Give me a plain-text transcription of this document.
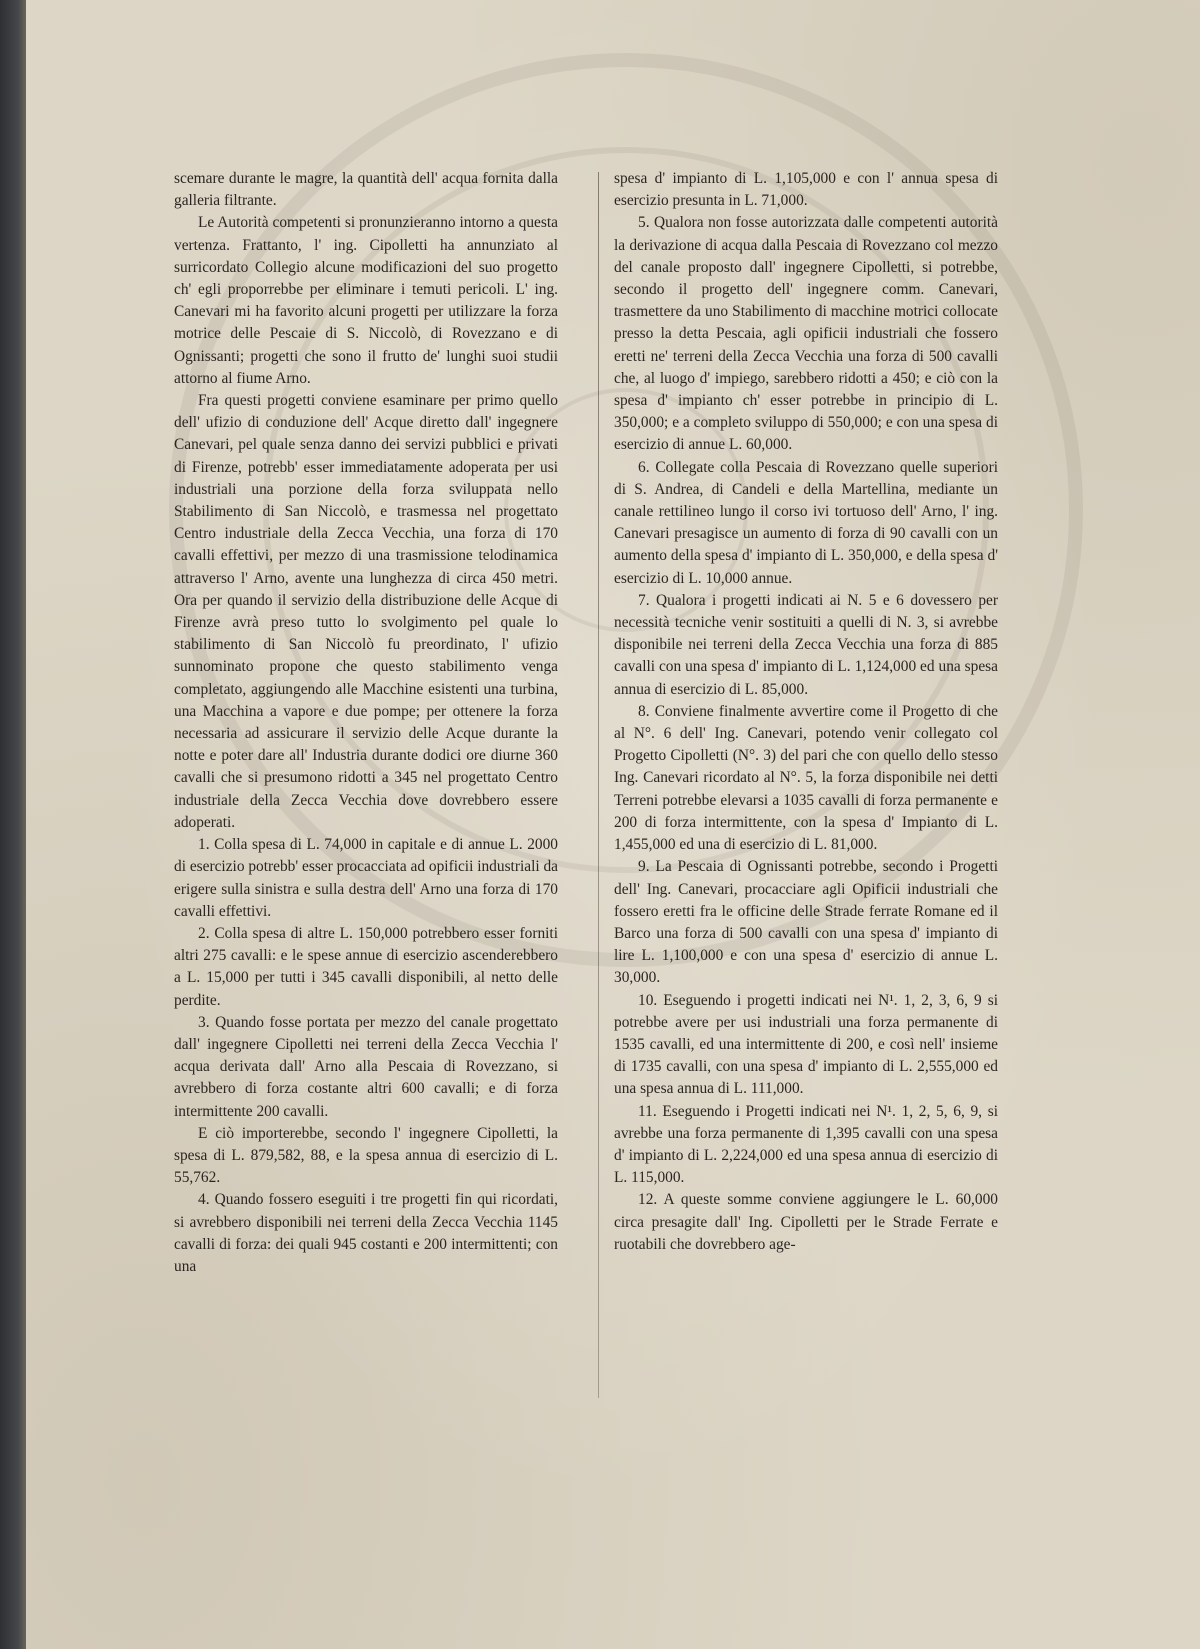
scemare durante le magre, la quantità dell' acqua fornita dalla galleria filtrante.

Le Autorità competenti si pronunzieranno intorno a questa vertenza. Frattanto, l' ing. Cipolletti ha annunziato al surricordato Collegio alcune modificazioni del suo progetto ch' egli proporrebbe per eliminare i temuti pericoli. L' ing. Canevari mi ha favorito alcuni progetti per utilizzare la forza motrice delle Pescaie di S. Niccolò, di Rovezzano e di Ognissanti; progetti che sono il frutto de' lunghi suoi studii attorno al fiume Arno.

Fra questi progetti conviene esaminare per primo quello dell' ufizio di conduzione dell' Acque diretto dall' ingegnere Canevari, pel quale senza danno dei servizi pubblici e privati di Firenze, potrebb' esser immediatamente adoperata per usi industriali una porzione della forza sviluppata nello Stabilimento di San Niccolò, e trasmessa nel progettato Centro industriale della Zecca Vecchia, una forza di 170 cavalli effettivi, per mezzo di una trasmissione telodinamica attraverso l' Arno, avente una lunghezza di circa 450 metri. Ora per quando il servizio della distribuzione delle Acque di Firenze avrà preso tutto lo svolgimento pel quale lo stabilimento di San Niccolò fu preordinato, l' ufizio sunnominato propone che questo stabilimento venga completato, aggiungendo alle Macchine esistenti una turbina, una Macchina a vapore e due pompe; per ottenere la forza necessaria ad assicurare il servizio delle Acque durante la notte e poter dare all' Industria durante dodici ore diurne 360 cavalli che si presumono ridotti a 345 nel progettato Centro industriale della Zecca Vecchia dove dovrebbero essere adoperati.

1. Colla spesa di L. 74,000 in capitale e di annue L. 2000 di esercizio potrebb' esser procacciata ad opificii industriali da erigere sulla sinistra e sulla destra dell' Arno una forza di 170 cavalli effettivi.

2. Colla spesa di altre L. 150,000 potrebbero esser forniti altri 275 cavalli: e le spese annue di esercizio ascenderebbero a L. 15,000 per tutti i 345 cavalli disponibili, al netto delle perdite.

3. Quando fosse portata per mezzo del canale progettato dall' ingegnere Cipolletti nei terreni della Zecca Vecchia l' acqua derivata dall' Arno alla Pescaia di Rovezzano, si avrebbero di forza costante altri 600 cavalli; e di forza intermittente 200 cavalli.

E ciò importerebbe, secondo l' ingegnere Cipolletti, la spesa di L. 879,582, 88, e la spesa annua di esercizio di L. 55,762.

4. Quando fossero eseguiti i tre progetti fin qui ricordati, si avrebbero disponibili nei terreni della Zecca Vecchia 1145 cavalli di forza: dei quali 945 costanti e 200 intermittenti; con una

spesa d' impianto di L. 1,105,000 e con l' annua spesa di esercizio presunta in L. 71,000.

5. Qualora non fosse autorizzata dalle competenti autorità la derivazione di acqua dalla Pescaia di Rovezzano col mezzo del canale proposto dall' ingegnere Cipolletti, si potrebbe, secondo il progetto dell' ingegnere comm. Canevari, trasmettere da uno Stabilimento di macchine motrici collocate presso la detta Pescaia, agli opificii industriali che fossero eretti ne' terreni della Zecca Vecchia una forza di 500 cavalli che, al luogo d' impiego, sarebbero ridotti a 450; e ciò con la spesa d' impianto ch' esser potrebbe in principio di L. 350,000; e a completo sviluppo di 550,000; e con una spesa di esercizio di annue L. 60,000.

6. Collegate colla Pescaia di Rovezzano quelle superiori di S. Andrea, di Candeli e della Martellina, mediante un canale rettilineo lungo il corso ivi tortuoso dell' Arno, l' ing. Canevari presagisce un aumento di forza di 90 cavalli con un aumento della spesa d' impianto di L. 350,000, e della spesa d' esercizio di L. 10,000 annue.

7. Qualora i progetti indicati ai N. 5 e 6 dovessero per necessità tecniche venir sostituiti a quelli di N. 3, si avrebbe disponibile nei terreni della Zecca Vecchia una forza di 885 cavalli con una spesa d' impianto di L. 1,124,000 ed una spesa annua di esercizio di L. 85,000.

8. Conviene finalmente avvertire come il Progetto di che al N°. 6 dell' Ing. Canevari, potendo venir collegato col Progetto Cipolletti (N°. 3) del pari che con quello dello stesso Ing. Canevari ricordato al N°. 5, la forza disponibile nei detti Terreni potrebbe elevarsi a 1035 cavalli di forza permanente e 200 di forza intermittente, con la spesa d' Impianto di L. 1,455,000 ed una di esercizio di L. 81,000.

9. La Pescaia di Ognissanti potrebbe, secondo i Progetti dell' Ing. Canevari, procacciare agli Opificii industriali che fossero eretti fra le officine delle Strade ferrate Romane ed il Barco una forza di 500 cavalli con una spesa d' impianto di lire L. 1,100,000 e con una spesa d' esercizio di annue L. 30,000.

10. Eseguendo i progetti indicati nei N¹. 1, 2, 3, 6, 9 si potrebbe avere per usi industriali una forza permanente di 1535 cavalli, ed una intermittente di 200, e così nell' insieme di 1735 cavalli, con una spesa d' impianto di L. 2,555,000 ed una spesa annua di L. 111,000.

11. Eseguendo i Progetti indicati nei N¹. 1, 2, 5, 6, 9, si avrebbe una forza permanente di 1,395 cavalli con una spesa d' impianto di L. 2,224,000 ed una spesa annua di esercizio di L. 115,000.

12. A queste somme conviene aggiungere le L. 60,000 circa presagite dall' Ing. Cipolletti per le Strade Ferrate e ruotabili che dovrebbero age-
